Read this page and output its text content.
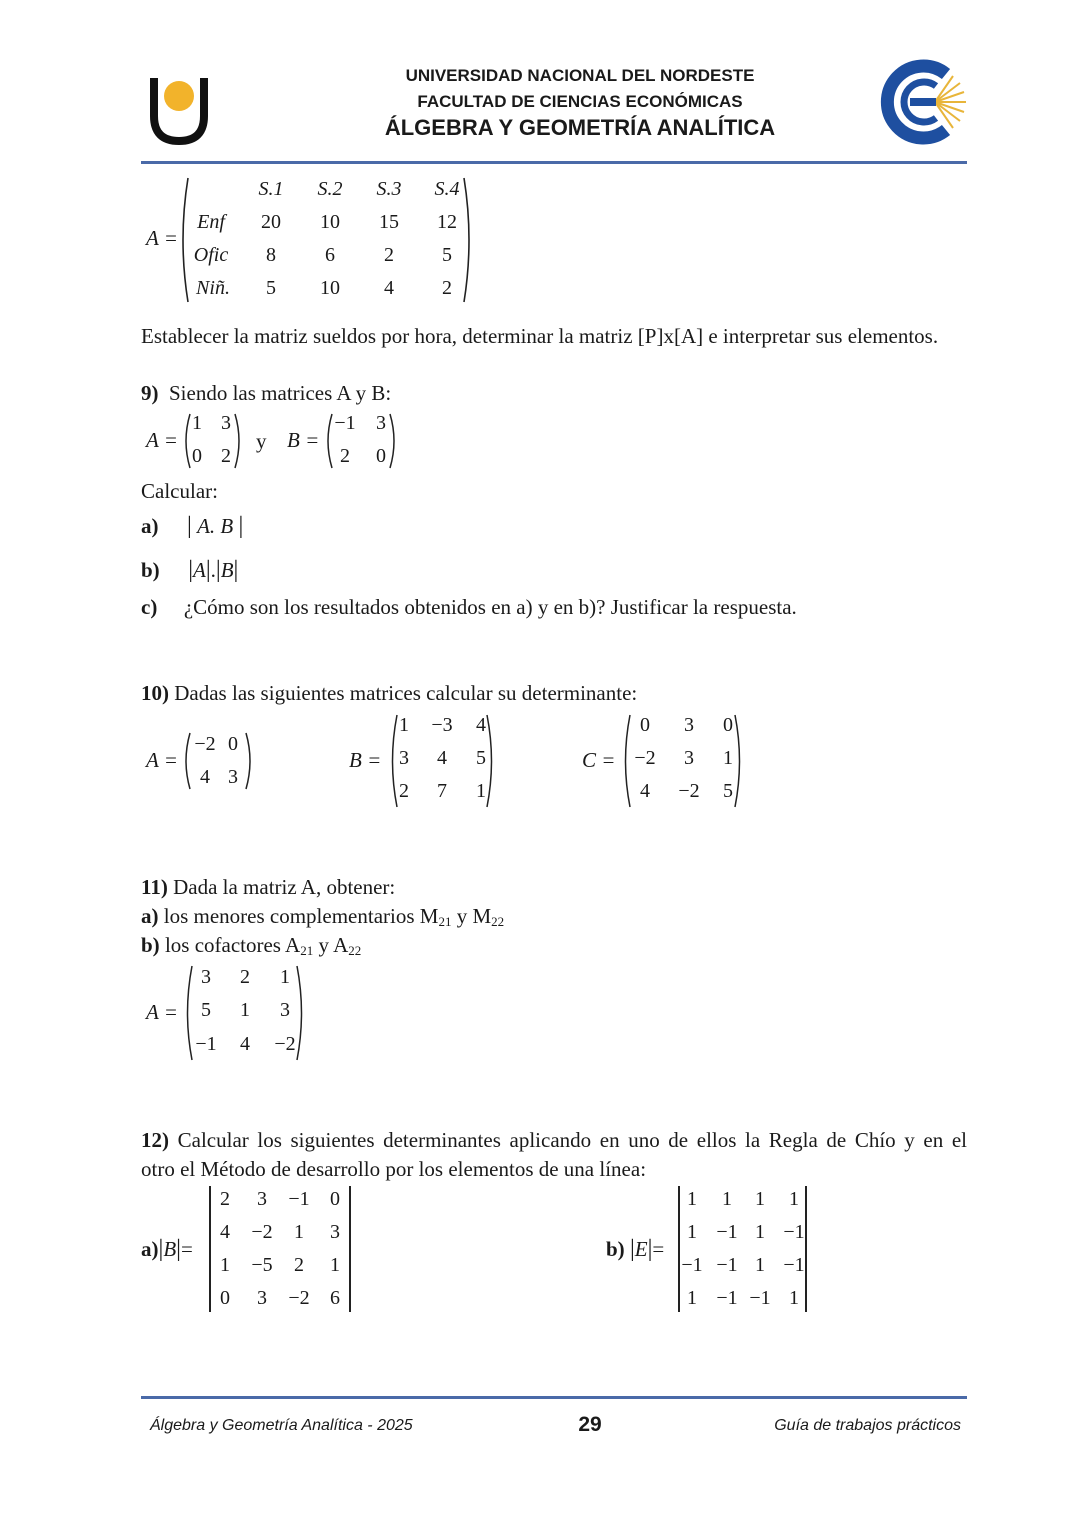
UNIVERSIDAD NACIONAL DEL NORDESTE
FACULTAD DE CIENCIAS ECONÓMICAS
ÁLGEBRA Y GEOMETRÍA ANALÍTICA
A =
S.1 S.2 S.3 S.4
Enf 20 10 15 12
Ofic 8 6 2 5
Niñ. 5 10 4 2
Establecer la matriz sueldos por hora, determinar la matriz [P]x[A] e interpretar sus elementos.
9) Siendo las matrices A y B:
A =
1 3
0 2
y B =
−1 3
2 0
Calcular:
a) | A. B |
b) |A|.|B|
c) ¿Cómo son los resultados obtenidos en a) y en b)? Justificar la respuesta.
10) Dadas las siguientes matrices calcular su determinante:
A =
−2 0
4 3
B =
1 −3 4
3 4 5
2 7 1
C =
0 3 0
−2 3 1
4 −2 5
11) Dada la matriz A, obtener:
a) los menores complementarios $M_{21}$ y $M_{22}$
b) los cofactores $A_{21}$ y $A_{22}$
A =
3 2 1
5 1 3
−1 4 −2
12) Calcular los siguientes determinantes aplicando en uno de ellos la Regla de Chío y en el
otro el Método de desarrollo por los elementos de una línea:
a)|B|=
2 3 −1 0
4 −2 1 3
1 −5 2 1
0 3 −2 6
b) |E|=
1 1 1 1
1 −1 1 −1
−1 −1 1 −1
1 −1 −1 1
Álgebra y Geometría Analítica - 2025	29	Guía de trabajos prácticos
